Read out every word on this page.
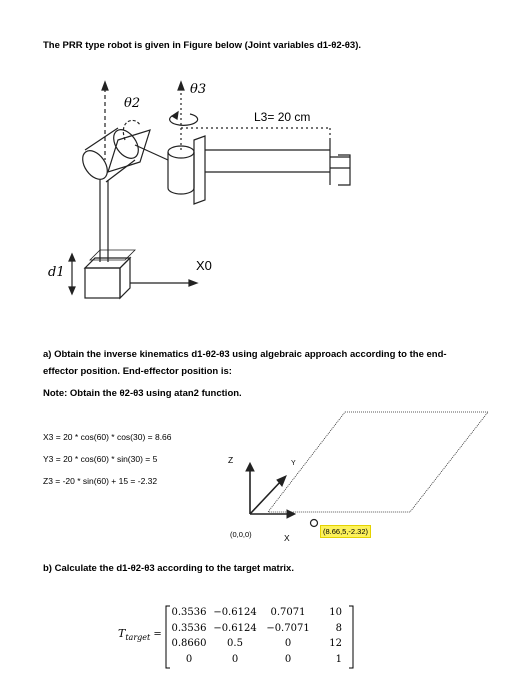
The PRR type robot is given in Figure below (Joint variables d1-θ2-θ3).
θ2
θ3
L3= 20 cm
d1	X0
a) Obtain the inverse kinematics d1-θ2-θ3 using algebraic approach according to the end-
effector position. End-effector position is:
Note: Obtain the θ2-θ3 using atan2 function.
X3 = 20 * cos(60) * cos(30) = 8.66
Y3 = 20 * cos(60) * sin(30) = 5
Z3 = -20 * sin(60) + 15 = -2.32
Z	Y
X
(0,0,0)	(8.66,5,-2.32)
b) Calculate the d1-θ2-θ3 according to the target matrix.
$T_{target}$ =
0.3536 −0.6124 0.7071 10
0.3536 −0.6124 −0.7071	8
0.8660 0.5	0	12
0	0	0	1
